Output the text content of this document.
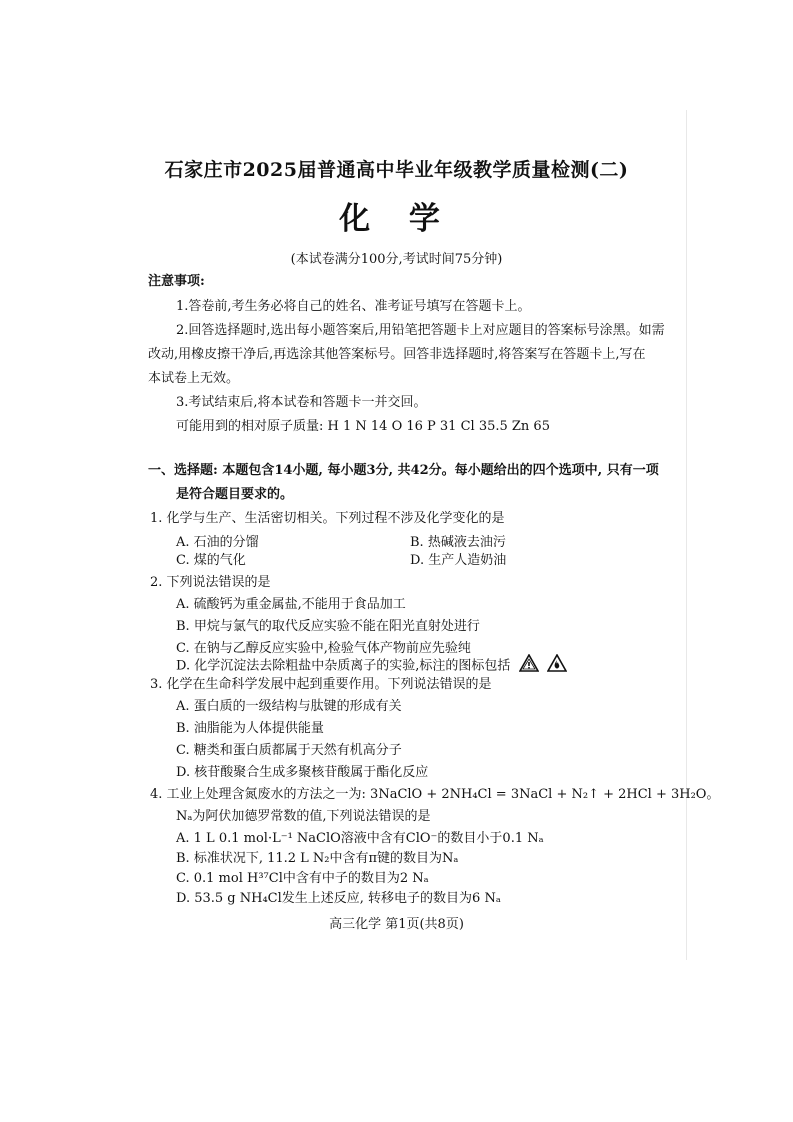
石家庄市2025届普通高中毕业年级教学质量检测(二)
化 学
(本试卷满分100分,考试时间75分钟)
注意事项:
1.答卷前,考生务必将自己的姓名、准考证号填写在答题卡上。
2.回答选择题时,选出每小题答案后,用铅笔把答题卡上对应题目的答案标号涂黑。如需
改动,用橡皮擦干净后,再选涂其他答案标号。回答非选择题时,将答案写在答题卡上,写在
本试卷上无效。
3.考试结束后,将本试卷和答题卡一并交回。
可能用到的相对原子质量: H 1 N 14 O 16 P 31 Cl 35.5 Zn 65
一、选择题: 本题包含14小题, 每小题3分, 共42分。每小题给出的四个选项中, 只有一项
是符合题目要求的。
1. 化学与生产、生活密切相关。下列过程不涉及化学变化的是
A. 石油的分馏	B. 热碱液去油污
C. 煤的气化	D. 生产人造奶油
2. 下列说法错误的是
A. 硫酸钙为重金属盐,不能用于食品加工
B. 甲烷与氯气的取代反应实验不能在阳光直射处进行
C. 在钠与乙醇反应实验中,检验气体产物前应先验纯
D. 化学沉淀法去除粗盐中杂质离子的实验,标注的图标包括
3. 化学在生命科学发展中起到重要作用。下列说法错误的是
A. 蛋白质的一级结构与肽键的形成有关
B. 油脂能为人体提供能量
C. 糖类和蛋白质都属于天然有机高分子
D. 核苷酸聚合生成多聚核苷酸属于酯化反应
4. 工业上处理含氮废水的方法之一为: 3NaClO + 2NH₄Cl = 3NaCl + N₂↑ + 2HCl + 3H₂O。
Nₐ为阿伏加德罗常数的值,下列说法错误的是
A. 1 L 0.1 mol·L⁻¹ NaClO溶液中含有ClO⁻的数目小于0.1 Nₐ
B. 标准状况下, 11.2 L N₂中含有π键的数目为Nₐ
C. 0.1 mol H³⁷Cl中含有中子的数目为2 Nₐ
D. 53.5 g NH₄Cl发生上述反应, 转移电子的数目为6 Nₐ
高三化学 第1页(共8页)
